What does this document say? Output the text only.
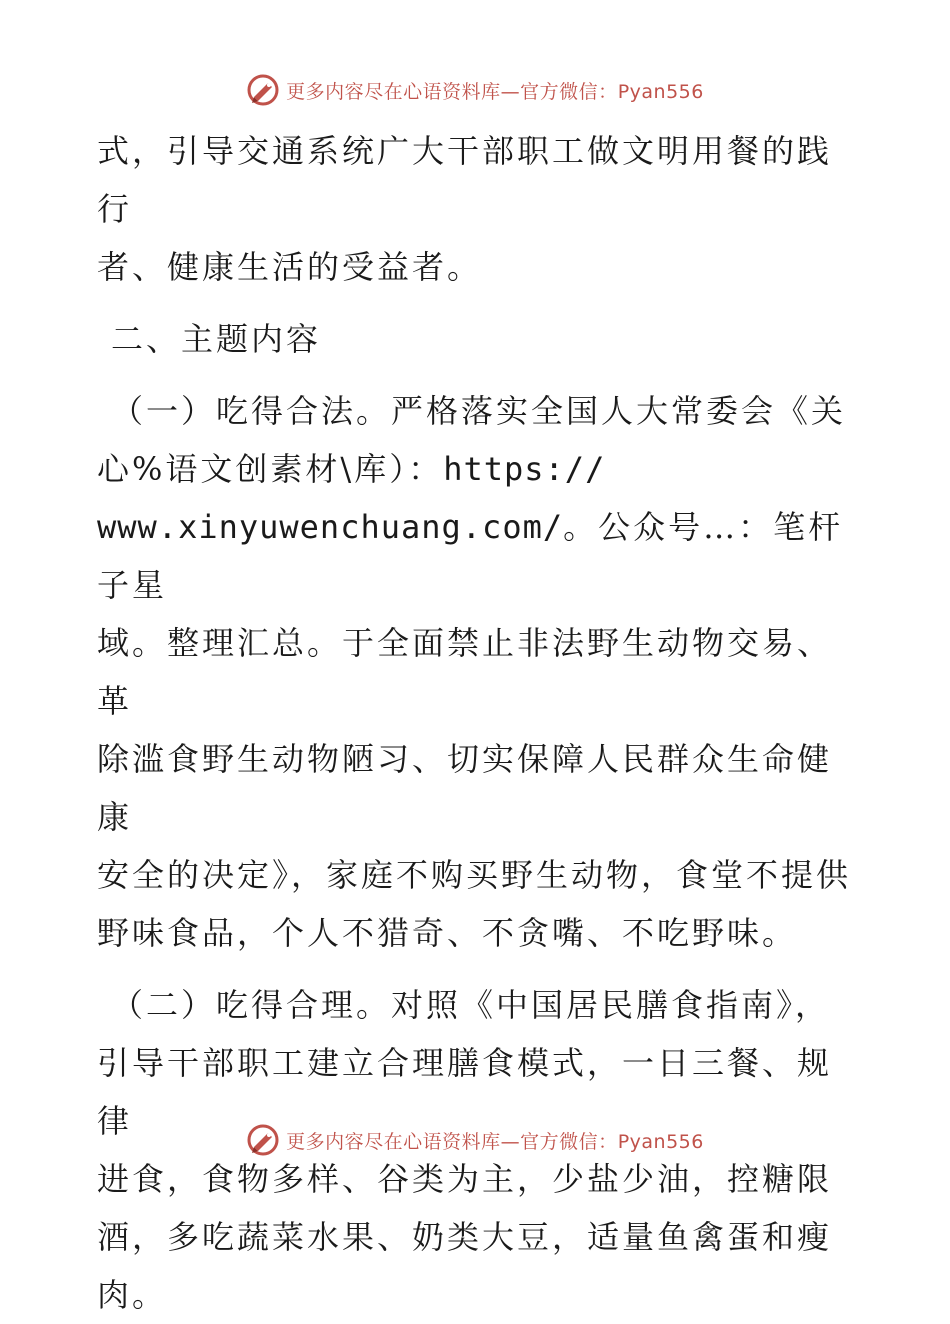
更多内容尽在心语资料库—官方微信：Pyan556

式，引导交通系统广大干部职工做文明用餐的践行

者、健康生活的受益者。

二、主题内容

（一）吃得合法。严格落实全国人大常委会《关

心%语文创素材\库）：https://

www.xinyuwenchuang.com/。公众号…：笔杆子星

域。整理汇总。于全面禁止非法野生动物交易、革

除滥食野生动物陋习、切实保障人民群众生命健康

安全的决定》，家庭不购买野生动物，食堂不提供

野味食品，个人不猎奇、不贪嘴、不吃野味。

（二）吃得合理。对照《中国居民膳食指南》，

引导干部职工建立合理膳食模式，一日三餐、规律

进食，食物多样、谷类为主，少盐少油，控糖限

酒，多吃蔬菜水果、奶类大豆，适量鱼禽蛋和瘦

肉。

更多内容尽在心语资料库—官方微信：Pyan556
